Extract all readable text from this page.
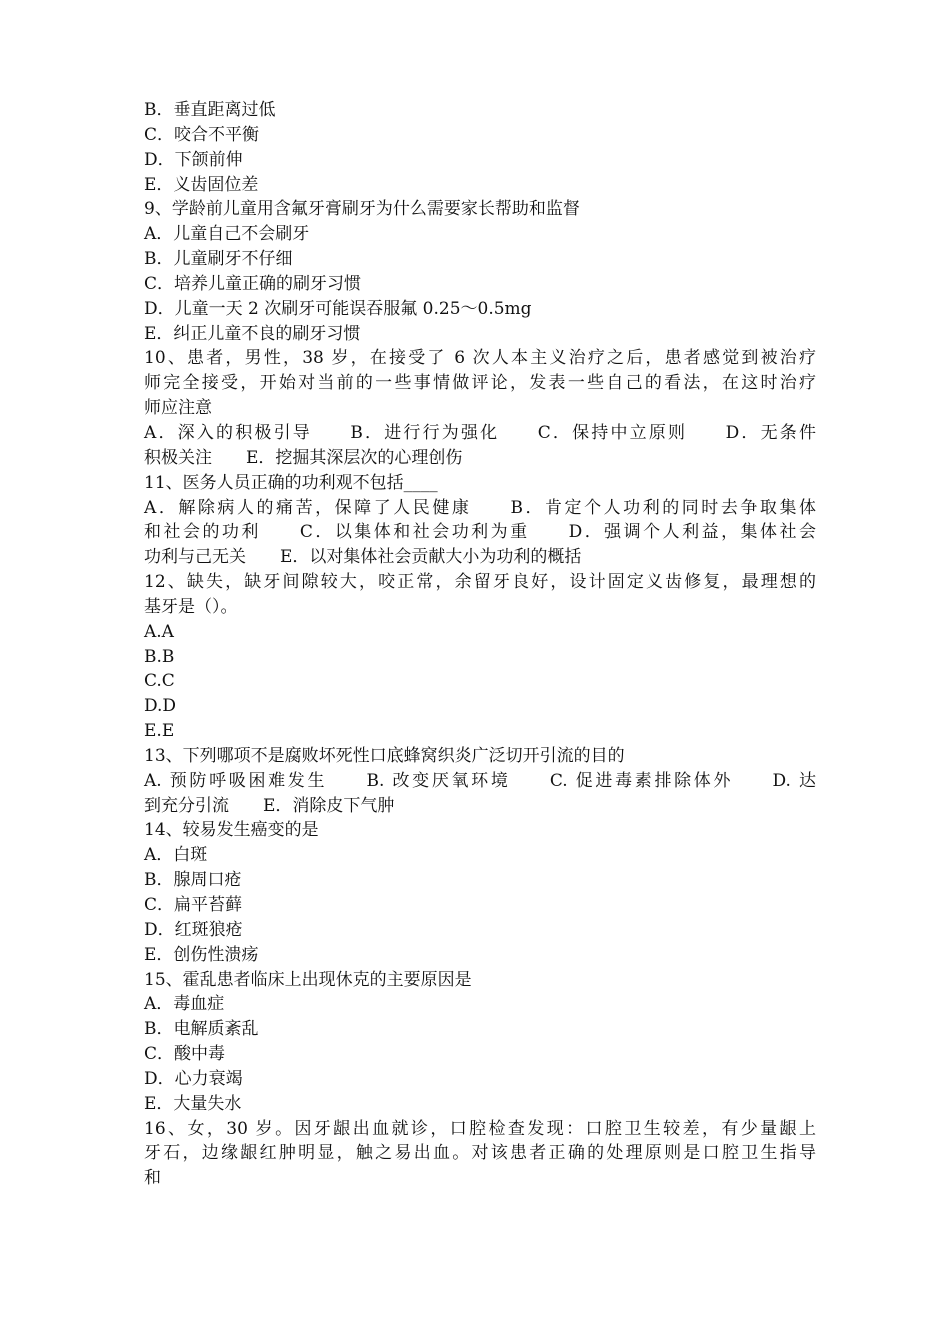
B．垂直距离过低
C．咬合不平衡
D．下颌前伸
E．义齿固位差
9、学龄前儿童用含氟牙膏刷牙为什么需要家长帮助和监督
A．儿童自己不会刷牙
B．儿童刷牙不仔细
C．培养儿童正确的刷牙习惯
D．儿童一天 2 次刷牙可能误吞服氟 0.25～0.5mg
E．纠正儿童不良的刷牙习惯
10、患者，男性，38 岁，在接受了 6 次人本主义治疗之后，患者感觉到被治疗
师完全接受，开始对当前的一些事情做评论，发表一些自己的看法，在这时治疗
师应注意
A．深入的积极引导　　B．进行行为强化　　C．保持中立原则　　D．无条件
积极关注　　E．挖掘其深层次的心理创伤
11、医务人员正确的功利观不包括____
A．解除病人的痛苦，保障了人民健康　　B．肯定个人功利的同时去争取集体
和社会的功利　　C．以集体和社会功利为重　　D．强调个人利益，集体社会
功利与己无关　　E．以对集体社会贡献大小为功利的概括
12、缺失，缺牙间隙较大，咬正常，余留牙良好，设计固定义齿修复，最理想的
基牙是（）。
A.A
B.B
C.C
D.D
E.E
13、下列哪项不是腐败坏死性口底蜂窝织炎广泛切开引流的目的
A. 预防呼吸困难发生　　B. 改变厌氧环境　　C. 促进毒素排除体外　　D. 达
到充分引流　　E．消除皮下气肿
14、较易发生癌变的是
A．白斑
B．腺周口疮
C．扁平苔藓
D．红斑狼疮
E．创伤性溃疡
15、霍乱患者临床上出现休克的主要原因是
A．毒血症
B．电解质紊乱
C．酸中毒
D．心力衰竭
E．大量失水
16、女，30 岁。因牙龈出血就诊，口腔检查发现：口腔卫生较差，有少量龈上
牙石，边缘龈红肿明显，触之易出血。对该患者正确的处理原则是口腔卫生指导
和
